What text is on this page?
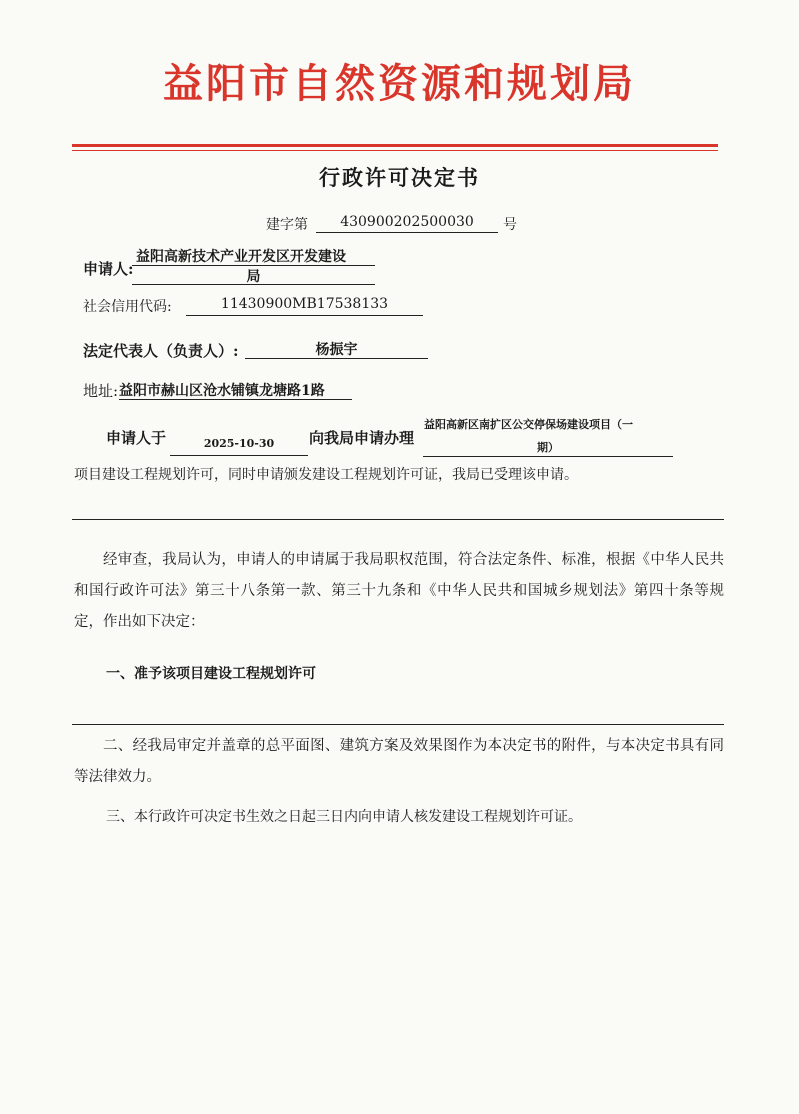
益阳市自然资源和规划局
行政许可决定书
建字第	430900202500030	号
申请人:
益阳高新技术产业开发区开发建设
局
社会信用代码:	11430900MB17538133
法定代表人（负责人）:	杨振宇
地址: 益阳市赫山区沧水铺镇龙塘路1路
申请人于	2025-10-30	向我局申请办理
益阳高新区南扩区公交停保场建设项目（一
期）
项目建设工程规划许可，同时申请颁发建设工程规划许可证，我局已受理该申请。
经审查，我局认为，申请人的申请属于我局职权范围，符合法定条件、标准，根据《中华人民共和国行政许可法》第三十八条第一款、第三十九条和《中华人民共和国城乡规划法》第四十条等规定，作出如下决定：
一、准予该项目建设工程规划许可
二、经我局审定并盖章的总平面图、建筑方案及效果图作为本决定书的附件，与本决定书具有同等法律效力。
三、本行政许可决定书生效之日起三日内向申请人核发建设工程规划许可证。
